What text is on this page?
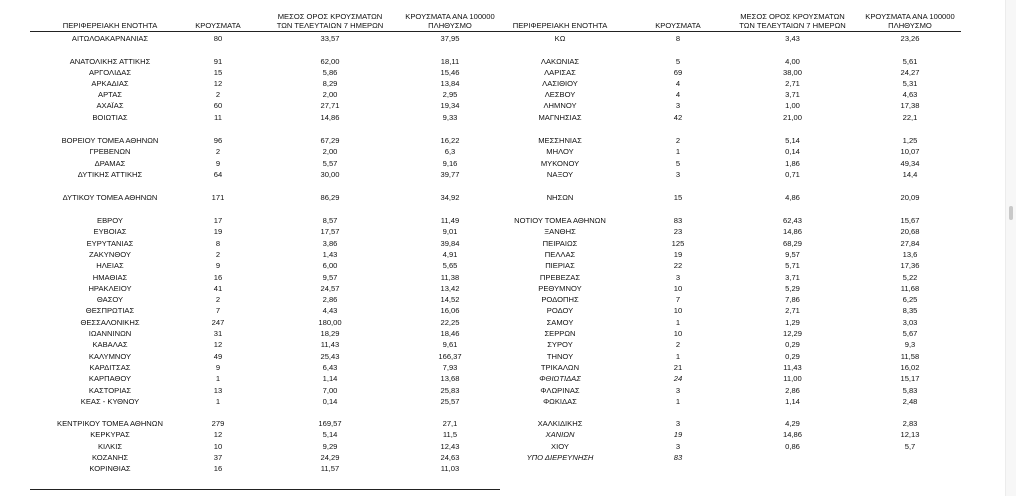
ΠΕΡΙΦΕΡΕΙΑΚΗ ΕΝΟΤΗΤΑ	ΚΡΟΥΣΜΑΤΑ
ΜΕΣΟΣ ΟΡΟΣ ΚΡΟΥΣΜΑΤΩΝ
ΤΩΝ ΤΕΛΕΥΤΑΙΩΝ 7 ΗΜΕΡΩΝ
ΚΡΟΥΣΜΑΤΑ ΑΝΑ 100000
ΠΛΗΘΥΣΜΟ	ΠΕΡΙΦΕΡΕΙΑΚΗ ΕΝΟΤΗΤΑ	ΚΡΟΥΣΜΑΤΑ
ΜΕΣΟΣ ΟΡΟΣ ΚΡΟΥΣΜΑΤΩΝ
ΤΩΝ ΤΕΛΕΥΤΑΙΩΝ 7 ΗΜΕΡΩΝ
ΚΡΟΥΣΜΑΤΑ ΑΝΑ 100000
ΠΛΗΘΥΣΜΟ
ΑΙΤΩΛΟΑΚΑΡΝΑΝΙΑΣ	80	33,57	37,95
ΑΝΑΤΟΛΙΚΗΣ ΑΤΤΙΚΗΣ	91	62,00	18,11
ΑΡΓΟΛΙΔΑΣ	15	5,86	15,46
ΑΡΚΑΔΙΑΣ	12	8,29	13,84
ΑΡΤΑΣ	2	2,00	2,95
ΑΧΑΪΑΣ	60	27,71	19,34
ΒΟΙΩΤΙΑΣ	11	14,86	9,33
ΒΟΡΕΙΟΥ ΤΟΜΕΑ ΑΘΗΝΩΝ	96	67,29	16,22
ΓΡΕΒΕΝΩΝ	2	2,00	6,3
ΔΡΑΜΑΣ	9	5,57	9,16
ΔΥΤΙΚΗΣ ΑΤΤΙΚΗΣ	64	30,00	39,77
ΔΥΤΙΚΟΥ ΤΟΜΕΑ ΑΘΗΝΩΝ	171	86,29	34,92
ΕΒΡΟΥ	17	8,57	11,49
ΕΥΒΟΙΑΣ	19	17,57	9,01
ΕΥΡΥΤΑΝΙΑΣ	8	3,86	39,84
ΖΑΚΥΝΘΟΥ	2	1,43	4,91
ΗΛΕΙΑΣ	9	6,00	5,65
ΗΜΑΘΙΑΣ	16	9,57	11,38
ΗΡΑΚΛΕΙΟΥ	41	24,57	13,42
ΘΑΣΟΥ	2	2,86	14,52
ΘΕΣΠΡΩΤΙΑΣ	7	4,43	16,06
ΘΕΣΣΑΛΟΝΙΚΗΣ	247	180,00	22,25
ΙΩΑΝΝΙΝΩΝ	31	18,29	18,46
ΚΑΒΑΛΑΣ	12	11,43	9,61
ΚΑΛΥΜΝΟΥ	49	25,43	166,37
ΚΑΡΔΙΤΣΑΣ	9	6,43	7,93
ΚΑΡΠΑΘΟΥ	1	1,14	13,68
ΚΑΣΤΟΡΙΑΣ	13	7,00	25,83
ΚΕΑΣ - ΚΥΘΝΟΥ	1	0,14	25,57
ΚΕΝΤΡΙΚΟΥ ΤΟΜΕΑ ΑΘΗΝΩΝ	279	169,57	27,1
ΚΕΡΚΥΡΑΣ	12	5,14	11,5
ΚΙΛΚΙΣ	10	9,29	12,43
ΚΟΖΑΝΗΣ	37	24,29	24,63
ΚΟΡΙΝΘΙΑΣ	16	11,57	11,03
ΚΩ	8	3,43	23,26
ΛΑΚΩΝΙΑΣ	5	4,00	5,61
ΛΑΡΙΣΑΣ	69	38,00	24,27
ΛΑΣΙΘΙΟΥ	4	2,71	5,31
ΛΕΣΒΟΥ	4	3,71	4,63
ΛΗΜΝΟΥ	3	1,00	17,38
ΜΑΓΝΗΣΙΑΣ	42	21,00	22,1
ΜΕΣΣΗΝΙΑΣ	2	5,14	1,25
ΜΗΛΟΥ	1	0,14	10,07
ΜΥΚΟΝΟΥ	5	1,86	49,34
ΝΑΞΟΥ	3	0,71	14,4
ΝΗΣΩΝ	15	4,86	20,09
ΝΟΤΙΟΥ ΤΟΜΕΑ ΑΘΗΝΩΝ	83	62,43	15,67
ΞΑΝΘΗΣ	23	14,86	20,68
ΠΕΙΡΑΙΩΣ	125	68,29	27,84
ΠΕΛΛΑΣ	19	9,57	13,6
ΠΙΕΡΙΑΣ	22	5,71	17,36
ΠΡΕΒΕΖΑΣ	3	3,71	5,22
ΡΕΘΥΜΝΟΥ	10	5,29	11,68
ΡΟΔΟΠΗΣ	7	7,86	6,25
ΡΟΔΟΥ	10	2,71	8,35
ΣΑΜΟΥ	1	1,29	3,03
ΣΕΡΡΩΝ	10	12,29	5,67
ΣΥΡΟΥ	2	0,29	9,3
ΤΗΝΟΥ	1	0,29	11,58
ΤΡΙΚΑΛΩΝ	21	11,43	16,02
ΦΘΙΩΤΙΔΑΣ	24	11,00	15,17
ΦΛΩΡΙΝΑΣ	3	2,86	5,83
ΦΩΚΙΔΑΣ	1	1,14	2,48
ΧΑΛΚΙΔΙΚΗΣ	3	4,29	2,83
ΧΑΝΙΩΝ	19	14,86	12,13
ΧΙΟΥ	3	0,86	5,7
ΥΠΟ ΔΙΕΡΕΥΝΗΣΗ	83
